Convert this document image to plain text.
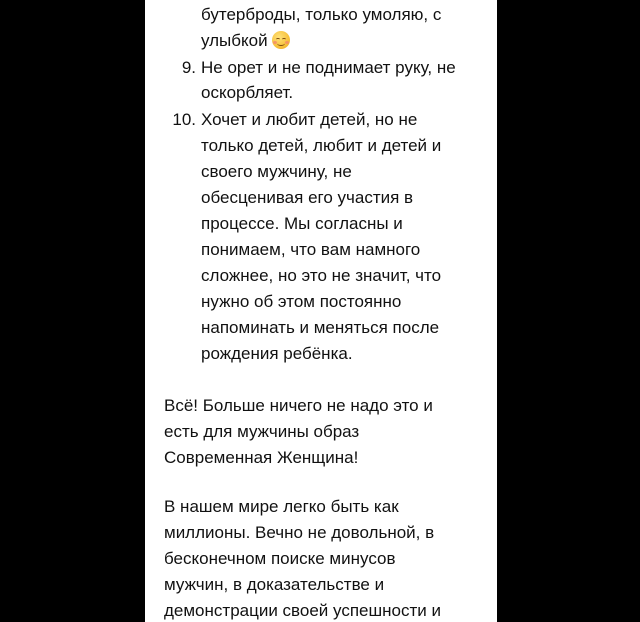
бутерброды, только умоляю, с
улыбкой
9. Не орет и не поднимает руку, не
оскорбляет.
10. Хочет и любит детей, но не
только детей, любит и детей и
своего мужчину, не
обесценивая его участия в
процессе. Мы согласны и
понимаем, что вам намного
сложнее, но это не значит, что
нужно об этом постоянно
напоминать и меняться после
рождения ребёнка.
Всё! Больше ничего не надо это и
есть для мужчины образ
Современная Женщина!
В нашем мире легко быть как
миллионы. Вечно не довольной, в
бесконечном поиске минусов
мужчин, в доказательстве и
демонстрации своей успешности и
